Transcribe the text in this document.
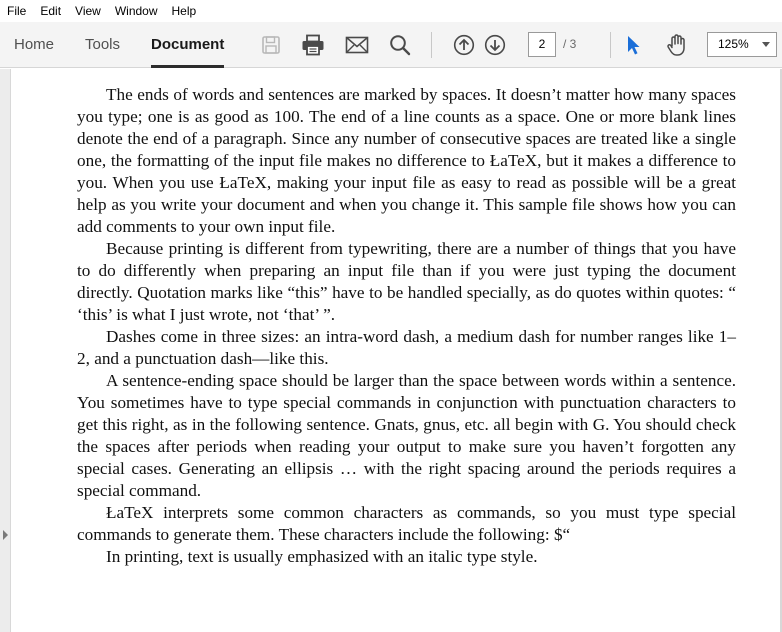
File	Edit	View	Window	Help
Home Tools Document	2	/ 3	125%

The ends of words and sentences are marked by spaces. It doesn’t matter how many spaces you type; one is as good as 100. The end of a line counts as a space. One or more blank lines denote the end of a paragraph. Since any number of consecutive spaces are treated like a single one, the formatting of the input file makes no difference to ŁaTeX, but it makes a difference to you. When you use ŁaTeX, making your input file as easy to read as possible will be a great help as you write your document and when you change it. This sample file shows how you can add comments to your own input file.

Because printing is different from typewriting, there are a number of things that you have to do differently when preparing an input file than if you were just typing the document directly. Quotation marks like “this” have to be handled specially, as do quotes within quotes: “ ‘this’ is what I just wrote, not ‘that’ ”.

Dashes come in three sizes: an intra-word dash, a medium dash for number ranges like 1–2, and a punctuation dash—like this.

A sentence-ending space should be larger than the space between words within a sentence. You sometimes have to type special commands in conjunction with punctuation characters to get this right, as in the following sentence. Gnats, gnus, etc. all begin with G. You should check the spaces after periods when reading your output to make sure you haven’t forgotten any special cases. Generating an ellipsis … with the right spacing around the periods requires a special command.

ŁaTeX interprets some common characters as commands, so you must type special commands to generate them. These characters include the following: $“

In printing, text is usually emphasized with an italic type style.
